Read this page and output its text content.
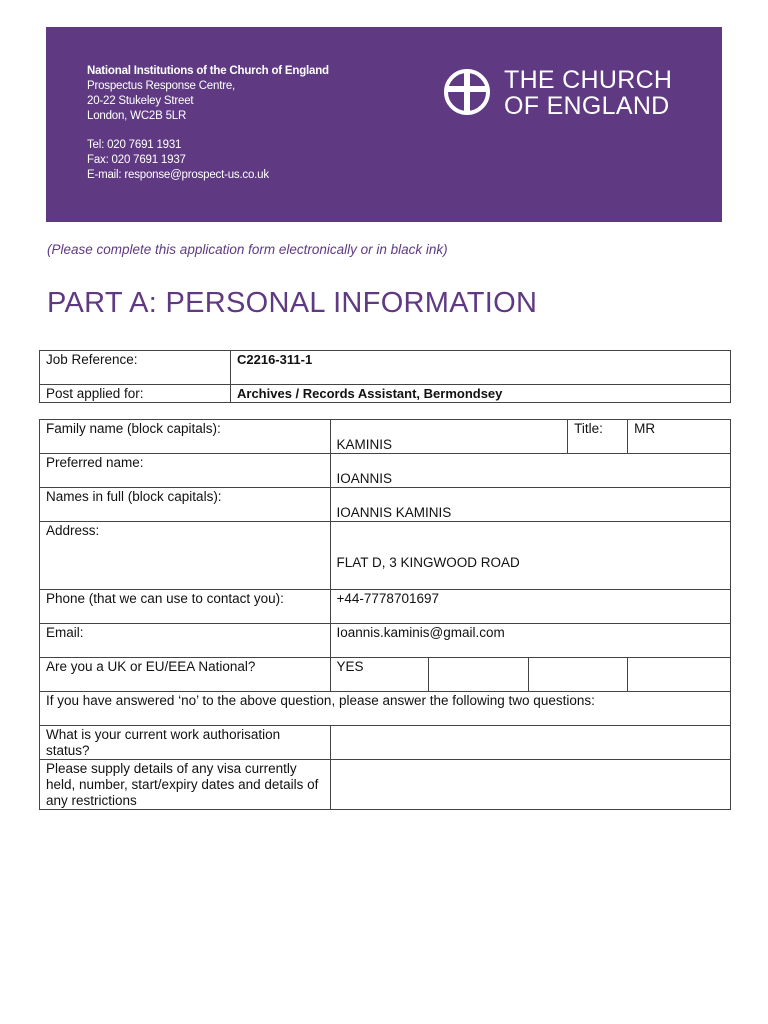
National Institutions of the Church of England
Prospectus Response Centre,
20-22 Stukeley Street
London, WC2B 5LR
Tel: 020 7691 1931
Fax: 020 7691 1937
E-mail: response@prospect-us.co.uk
THE CHURCH
OF ENGLAND
(Please complete this application form electronically or in black ink)
PART A: PERSONAL INFORMATION
Job Reference:	C2216-311-1
Post applied for:	Archives / Records Assistant, Bermondsey
Family name (block capitals):	KAMINIS			Title:	MR
Preferred name:	IOANNIS				
Names in full (block capitals):	IOANNIS KAMINIS				
Address:	FLAT D, 3 KINGWOOD ROAD				
Phone (that we can use to contact you):	+44-7778701697				
Email:	Ioannis.kaminis@gmail.com				
Are you a UK or EU/EEA National?	YES				
If you have answered ‘no’ to the above question, please answer the following two questions:					
What is your current work authorisation status?					
Please supply details of any visa currently held, number, start/expiry dates and details of any restrictions					
